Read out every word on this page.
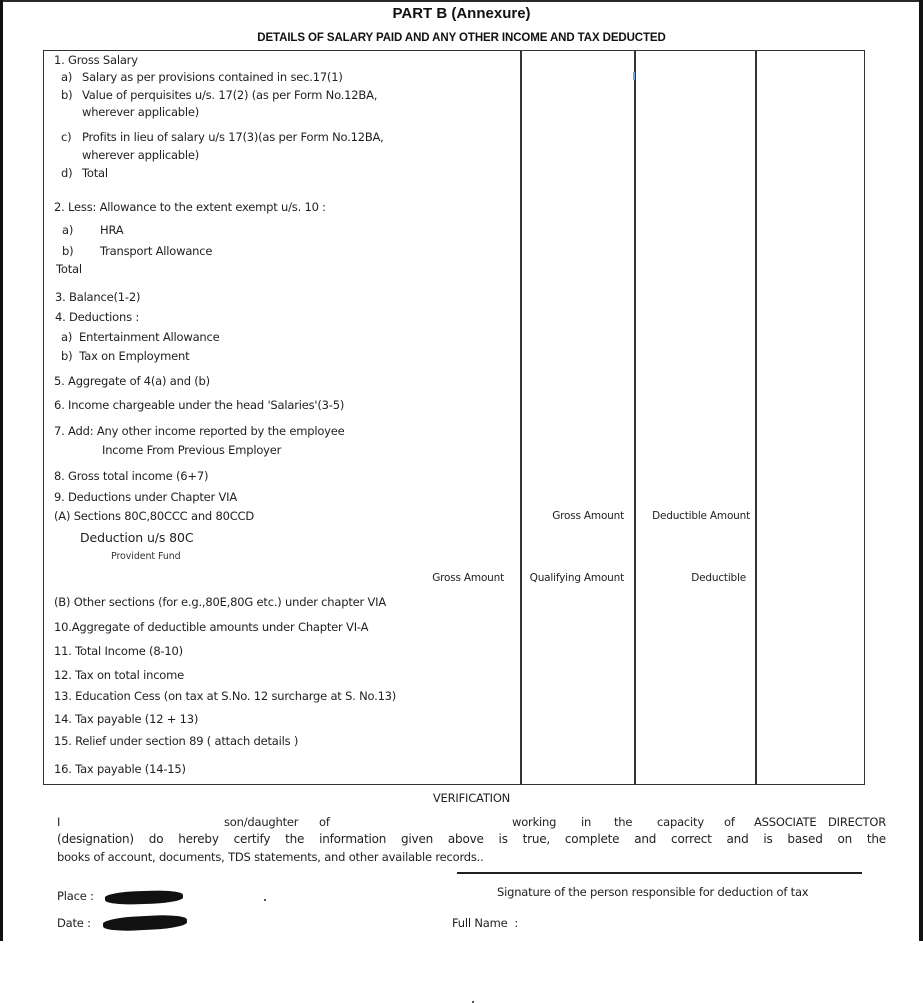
PART B (Annexure)
DETAILS OF SALARY PAID AND ANY OTHER INCOME AND TAX DEDUCTED
1. Gross Salary
a) Salary as per provisions contained in sec.17(1)
b) Value of perquisites u/s. 17(2) (as per Form No.12BA,
wherever applicable)
c) Profits in lieu of salary u/s 17(3)(as per Form No.12BA,
wherever applicable)
d) Total
2. Less: Allowance to the extent exempt u/s. 10 :
a) HRA
b) Transport Allowance
Total
3. Balance(1-2)
4. Deductions :
a)  Entertainment Allowance
b)  Tax on Employment
5. Aggregate of 4(a) and (b)
6. Income chargeable under the head 'Salaries'(3-5)
7. Add: Any other income reported by the employee
Income From Previous Employer
8. Gross total income (6+7)
9. Deductions under Chapter VIA
(A) Sections 80C,80CCC and 80CCD	Gross Amount	Deductible Amount
Deduction u/s 80C
Provident Fund
Gross Amount	Qualifying Amount	Deductible
(B) Other sections (for e.g.,80E,80G etc.) under chapter VIA
10.Aggregate of deductible amounts under Chapter VI-A
11. Total Income (8-10)
12. Tax on total income
13. Education Cess (on tax at S.No. 12 surcharge at S. No.13)
14. Tax payable (12 + 13)
15. Relief under section 89 ( attach details )
16. Tax payable (14-15)
VERIFICATION
I	son/daughter of	working in the capacity of ASSOCIATE DIRECTOR
(designation) do hereby certify the information given above is true, complete and correct and is based on the
books of account, documents, TDS statements, and other available records..
Place :
Date :
Signature of the person responsible for deduction of tax
Full Name  :
